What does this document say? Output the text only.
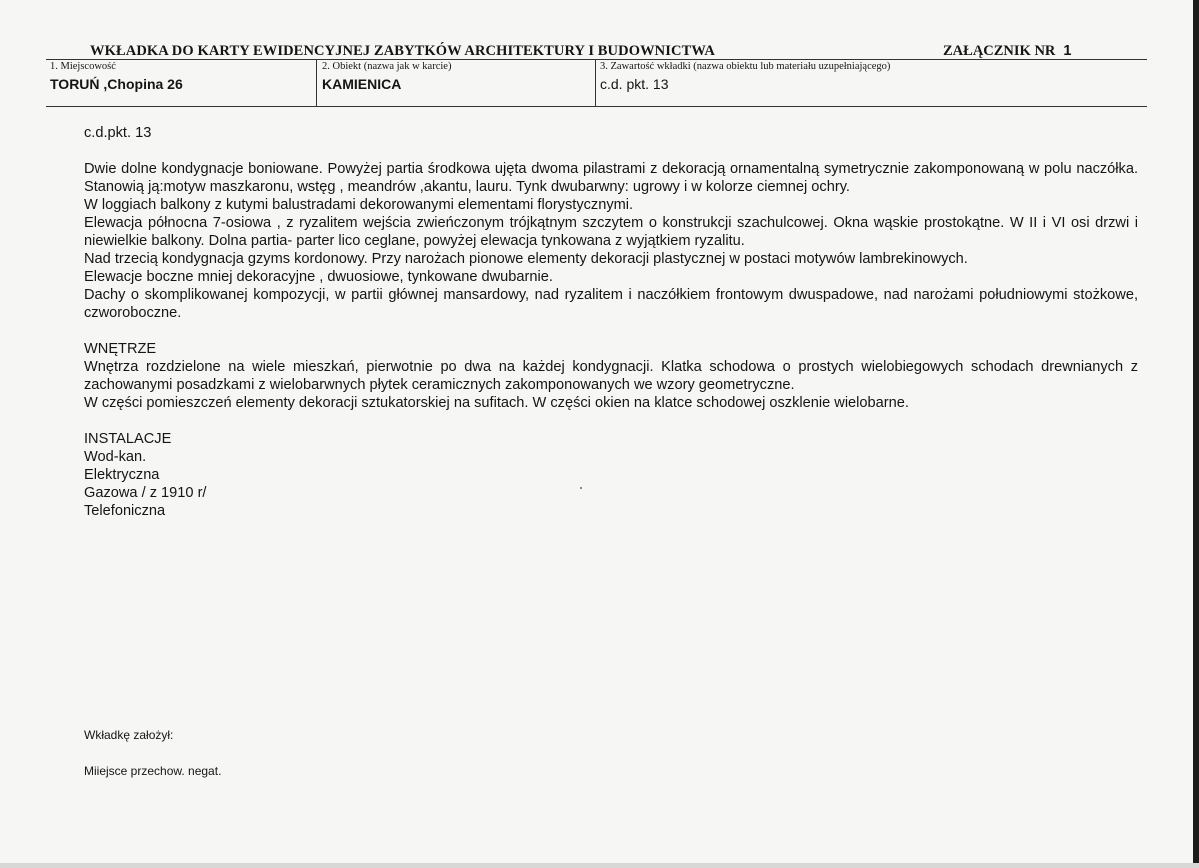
WKŁADKA DO KARTY EWIDENCYJNEJ ZABYTKÓW ARCHITEKTURY I BUDOWNICTWA	ZAŁĄCZNIK NR 1
1. Miejscowość
TORUŃ ,Chopina 26
2. Obiekt (nazwa jak w karcie)
KAMIENICA
3. Zawartość wkładki (nazwa obiektu lub materiału uzupełniającego)
c.d. pkt. 13

c.d.pkt. 13

Dwie dolne kondygnacje boniowane. Powyżej partia środkowa ujęta dwoma pilastrami z dekoracją ornamentalną symetrycznie zakomponowaną w polu naczółka. Stanowią ją:motyw maszkaronu, wstęg , meandrów ,akantu, lauru. Tynk dwubarwny: ugrowy i w kolorze ciemnej ochry.

W loggiach balkony z kutymi balustradami dekorowanymi elementami florystycznymi.

Elewacja północna 7-osiowa , z ryzalitem wejścia zwieńczonym trójkątnym szczytem o konstrukcji szachulcowej. Okna wąskie prostokątne. W II i VI osi drzwi i niewielkie balkony. Dolna partia- parter lico ceglane, powyżej elewacja tynkowana z wyjątkiem ryzalitu.

Nad trzecią kondygnacja gzyms kordonowy. Przy narożach pionowe elementy dekoracji plastycznej w postaci motywów lambrekinowych.

Elewacje boczne mniej dekoracyjne , dwuosiowe, tynkowane dwubarnie.

Dachy o skomplikowanej kompozycji, w partii głównej mansardowy, nad ryzalitem i naczółkiem frontowym dwuspadowe, nad narożami południowymi stożkowe, czworoboczne.

WNĘTRZE

Wnętrza rozdzielone na wiele mieszkań, pierwotnie po dwa na każdej kondygnacji. Klatka schodowa o prostych wielobiegowych schodach drewnianych z zachowanymi posadzkami z wielobarwnych płytek ceramicznych zakomponowanych we wzory geometryczne.

W części pomieszczeń elementy dekoracji sztukatorskiej na sufitach. W części okien na klatce schodowej oszklenie wielobarne.

INSTALACJE

Wod-kan.

Elektryczna

Gazowa / z 1910 r/

Telefoniczna

Wkładkę założył:
Miiejsce przechow. negat.
